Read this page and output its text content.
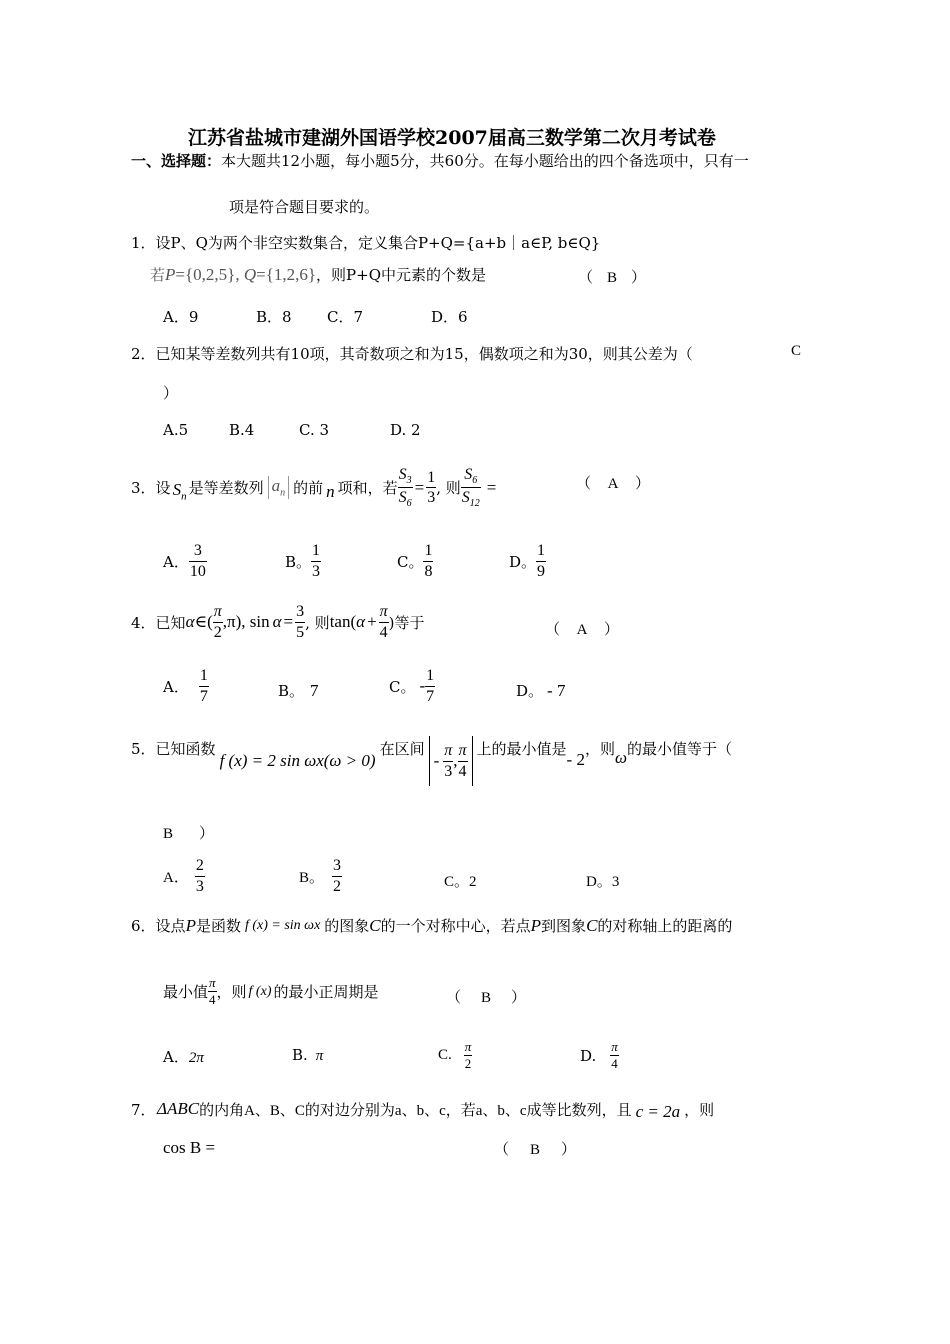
江苏省盐城市建湖外国语学校2007届高三数学第二次月考试卷
一、选择题：本大题共12小题，每小题5分，共60分。在每小题给出的四个备选项中，只有一
项是符合题目要求的。
1．设P、Q为两个非空实数集合，定义集合P+Q={a+b｜a∈P, b∈Q}
若P={0,2,5}, Q={1,2,6}，则P+Q中元素的个数是	（ B ）
A．9	B．8 C．7	D．6
2．已知某等差数列共有10项，其奇数项之和为15，偶数项之和为30，则其公差为（	C
）
A.5	B.4	C. 3	D. 2
3． 设 $S_n$ 是等差数列 $a_n$ 的前 n 项和，若 $\frac{S_3}{S_6} = \frac{1}{3}$ , 则 $\frac{S_6}{S_{12}}$ =	（ A ）
A． $\frac{3}{10}$	B。 $\frac{1}{3}$	C。 $\frac{1}{8}$	D。 $\frac{1}{9}$
4． 已知 α ∈( $\frac{\pi}{2} ,\pi$), $\sin \alpha = \frac{3}{5}$ , 则 tan( $\alpha + \frac{\pi}{4}$ )等于	（ A ）
A． $\frac{1}{7}$	B。 7	C。 - $\frac{1}{7}$	D。 - 7
5． 已知函数
f (x) = 2 sin ωx(ω > 0)
在区间
- $\frac{\pi}{3}$ , $\frac{\pi}{4}$ 上的最小值是
- 2
，则 ω 的最小值等于（
B ）
A． $\frac{2}{3}$	B。 $\frac{3}{2}$	C。2	D。3
6． 设点 P 是函数 f (x) = sin ωx 的图象 C 的一个对称中心，若点 P 到图象 C 的对称轴上的距离的
最小值 $\frac{\pi}{4}$ ，则 f (x) 的最小正周期是	（ B ）
A．2π	B. π	C. $\frac{\pi}{2}$	D. $\frac{\pi}{4}$
7． ΔABC 的内角A、B、C的对边分别为a、b、c，若a、b、c成等比数列，且 c = 2a ，则
cos B =	（ B ）
